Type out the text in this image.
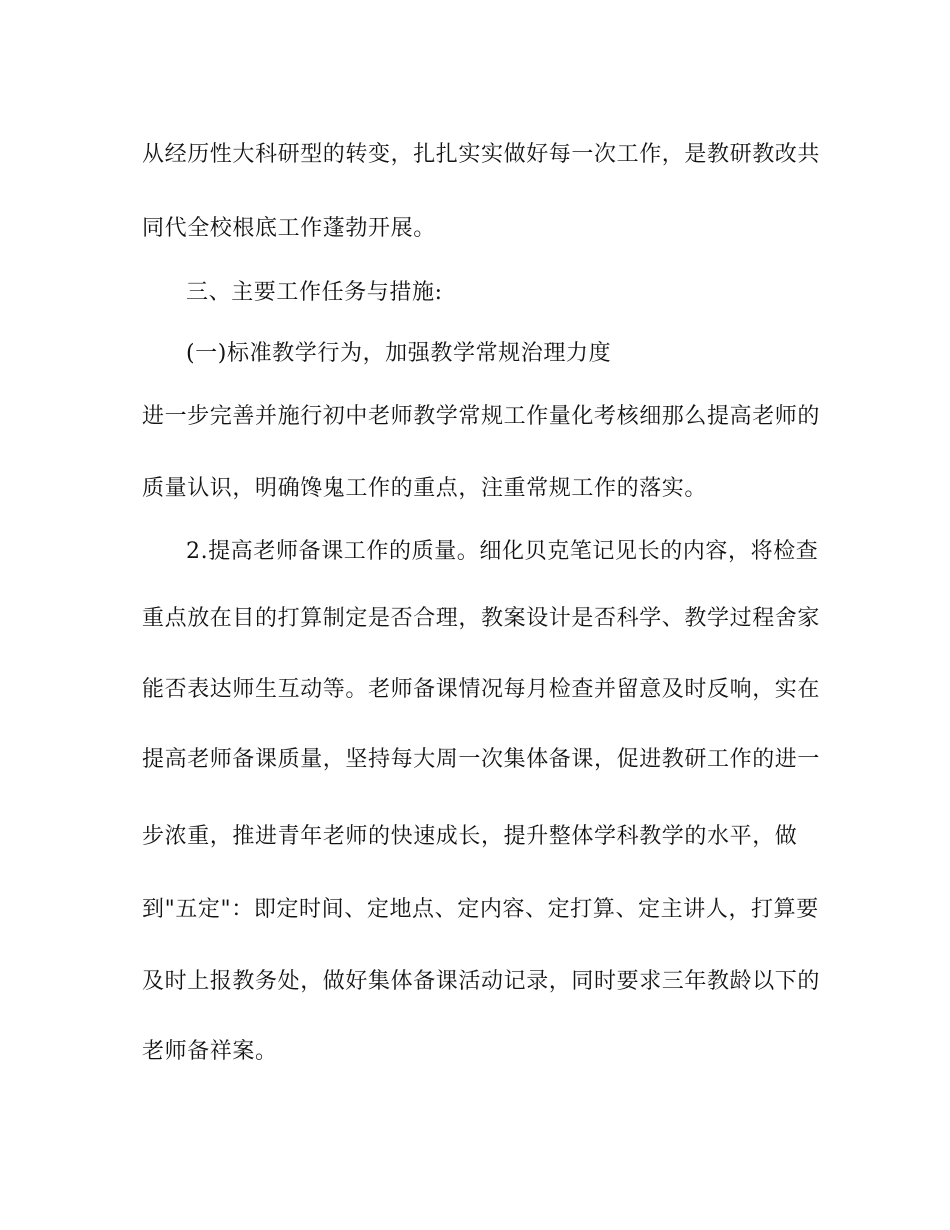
从经历性大科研型的转变，扎扎实实做好每一次工作，是教研教改共
同代全校根底工作蓬勃开展。
三、主要工作任务与措施:
(一)标准教学行为，加强教学常规治理力度
进一步完善并施行初中老师教学常规工作量化考核细那么提高老师的
质量认识，明确馋鬼工作的重点，注重常规工作的落实。
2.提高老师备课工作的质量。细化贝克笔记见长的内容，将检查
重点放在目的打算制定是否合理，教案设计是否科学、教学过程舍家
能否表达师生互动等。老师备课情况每月检查并留意及时反响，实在
提高老师备课质量，坚持每大周一次集体备课，促进教研工作的进一
步浓重，推进青年老师的快速成长，提升整体学科教学的水平，做
到"五定"：即定时间、定地点、定内容、定打算、定主讲人，打算要
及时上报教务处，做好集体备课活动记录，同时要求三年教龄以下的
老师备祥案。
